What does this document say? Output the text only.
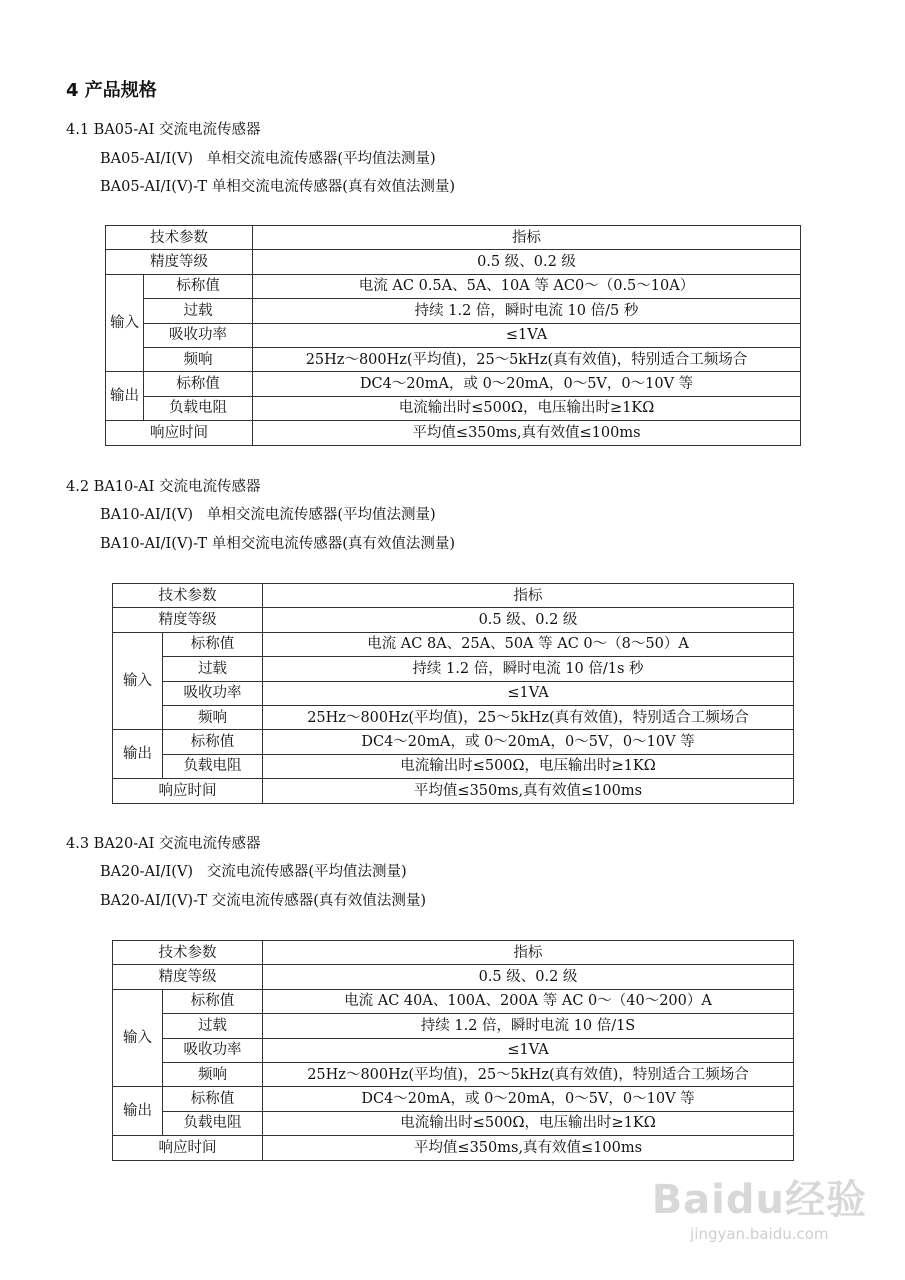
4 产品规格
4.1 BA05-AI 交流电流传感器
BA05-AI/I(V)   单相交流电流传感器(平均值法测量)
BA05-AI/I(V)-T 单相交流电流传感器(真有效值法测量)
技术参数		指标
精度等级		0.5 级、0.2 级
输入	标称值	电流 AC 0.5A、5A、10A 等 AC0～（0.5～10A）
	过载	持续 1.2 倍，瞬时电流 10 倍/5 秒
	吸收功率	≤1VA
	频响	25Hz～800Hz(平均值)，25～5kHz(真有效值)，特别适合工频场合
输出	标称值	DC4～20mA，或 0～20mA，0～5V，0～10V 等
	负载电阻	电流输出时≤500Ω，电压输出时≥1KΩ
响应时间		平均值≤350ms,真有效值≤100ms
4.2 BA10-AI 交流电流传感器
BA10-AI/I(V)   单相交流电流传感器(平均值法测量)
BA10-AI/I(V)-T 单相交流电流传感器(真有效值法测量)
技术参数		指标
精度等级		0.5 级、0.2 级
输入	标称值	电流 AC 8A、25A、50A 等 AC 0～（8～50）A
	过载	持续 1.2 倍，瞬时电流 10 倍/1s 秒
	吸收功率	≤1VA
	频响	25Hz～800Hz(平均值)，25～5kHz(真有效值)，特别适合工频场合
输出	标称值	DC4～20mA，或 0～20mA，0～5V，0～10V 等
	负载电阻	电流输出时≤500Ω，电压输出时≥1KΩ
响应时间		平均值≤350ms,真有效值≤100ms
4.3 BA20-AI 交流电流传感器
BA20-AI/I(V)   交流电流传感器(平均值法测量)
BA20-AI/I(V)-T 交流电流传感器(真有效值法测量)
技术参数		指标
精度等级		0.5 级、0.2 级
输入	标称值	电流 AC 40A、100A、200A 等 AC 0～（40～200）A
	过载	持续 1.2 倍，瞬时电流 10 倍/1S
	吸收功率	≤1VA
	频响	25Hz～800Hz(平均值)，25～5kHz(真有效值)，特别适合工频场合
输出	标称值	DC4～20mA，或 0～20mA，0～5V，0～10V 等
	负载电阻	电流输出时≤500Ω，电压输出时≥1KΩ
响应时间		平均值≤350ms,真有效值≤100ms
Baidu经验
jingyan.baidu.com
